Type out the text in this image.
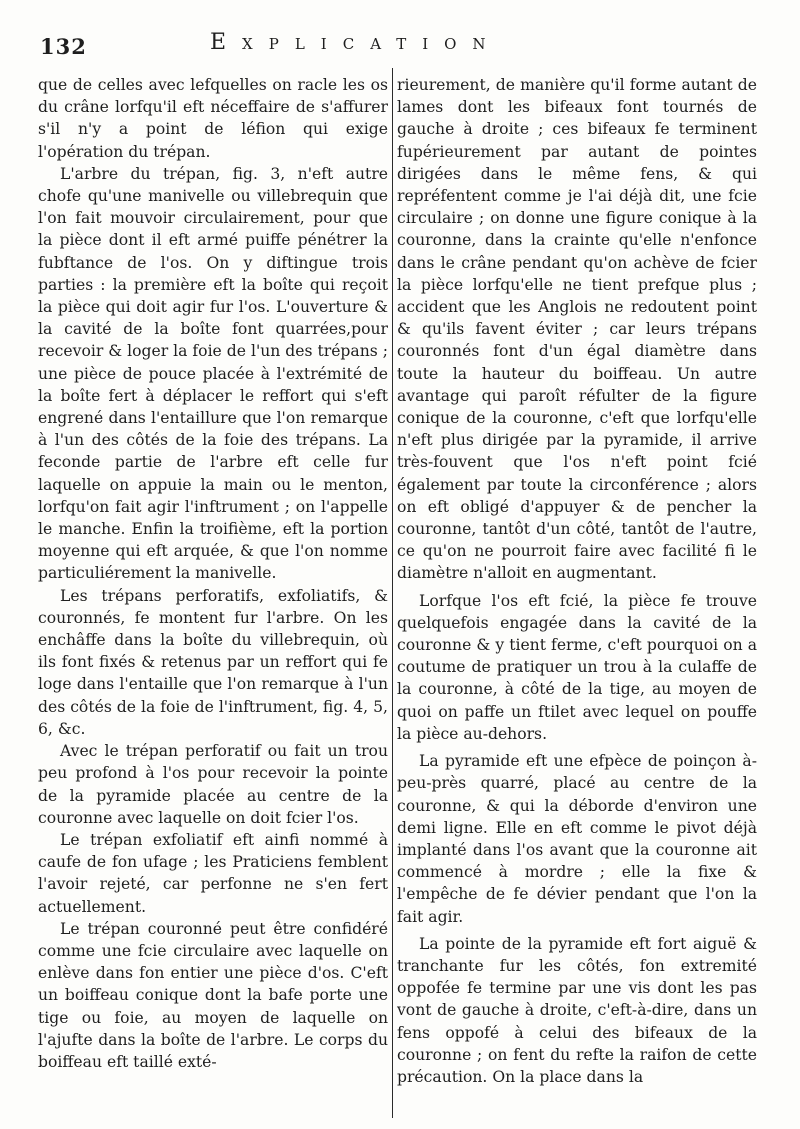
132	Explication

que de celles avec lefquelles on racle les os du crâne lorfqu'il eft néceffaire de s'affurer s'il n'y a point de léfion qui exige l'opération du trépan.

L'arbre du trépan, fig. 3, n'eft autre chofe qu'une manivelle ou villebrequin que l'on fait mouvoir circulairement, pour que la pièce dont il eft armé puiffe pénétrer la fubftance de l'os. On y diftingue trois parties : la première eft la boîte qui reçoit la pièce qui doit agir fur l'os. L'ouverture & la cavité de la boîte font quarrées,pour recevoir & loger la foie de l'un des trépans ; une pièce de pouce placée à l'extrémité de la boîte fert à déplacer le reffort qui s'eft engrené dans l'entaillure que l'on remarque à l'un des côtés de la foie des trépans. La feconde partie de l'arbre eft celle fur laquelle on appuie la main ou le menton, lorfqu'on fait agir l'inftrument ; on l'appelle le manche. Enfin la troifième, eft la portion moyenne qui eft arquée, & que l'on nomme particuliérement la manivelle.

Les trépans perforatifs, exfoliatifs, & couronnés, fe montent fur l'arbre. On les enchâffe dans la boîte du villebrequin, où ils font fixés & retenus par un reffort qui fe loge dans l'entaille que l'on remarque à l'un des côtés de la foie de l'inftrument, fig. 4, 5, 6, &c.

Avec le trépan perforatif ou fait un trou peu profond à l'os pour recevoir la pointe de la pyramide placée au centre de la couronne avec laquelle on doit fcier l'os.

Le trépan exfoliatif eft ainfi nommé à caufe de fon ufage ; les Praticiens femblent l'avoir rejeté, car perfonne ne s'en fert actuellement.

Le trépan couronné peut être confidéré comme une fcie circulaire avec laquelle on enlève dans fon entier une pièce d'os. C'eft un boiffeau conique dont la bafe porte une tige ou foie, au moyen de laquelle on l'ajufte dans la boîte de l'arbre. Le corps du boiffeau eft taillé exté-

rieurement, de manière qu'il forme autant de lames dont les bifeaux font tournés de gauche à droite ; ces bifeaux fe terminent fupérieurement par autant de pointes dirigées dans le même fens, & qui repréfentent comme je l'ai déjà dit, une fcie circulaire ; on donne une figure conique à la couronne, dans la crainte qu'elle n'enfonce dans le crâne pendant qu'on achève de fcier la pièce lorfqu'elle ne tient prefque plus ; accident que les Anglois ne redoutent point & qu'ils favent éviter ; car leurs trépans couronnés font d'un égal diamètre dans toute la hauteur du boiffeau. Un autre avantage qui paroît réfulter de la figure conique de la couronne, c'eft que lorfqu'elle n'eft plus dirigée par la pyramide, il arrive très-fouvent que l'os n'eft point fcié également par toute la circonférence ; alors on eft obligé d'appuyer & de pencher la couronne, tantôt d'un côté, tantôt de l'autre, ce qu'on ne pourroit faire avec facilité fi le diamètre n'alloit en augmentant.

Lorfque l'os eft fcié, la pièce fe trouve quelquefois engagée dans la cavité de la couronne & y tient ferme, c'eft pourquoi on a coutume de pratiquer un trou à la culaffe de la couronne, à côté de la tige, au moyen de quoi on paffe un ftilet avec lequel on pouffe la pièce au-dehors.

La pyramide eft une efpèce de poinçon à-peu-près quarré, placé au centre de la couronne, & qui la déborde d'environ une demi ligne. Elle en eft comme le pivot déjà implanté dans l'os avant que la couronne ait commencé à mordre ; elle la fixe & l'empêche de fe dévier pendant que l'on la fait agir.

La pointe de la pyramide eft fort aiguë & tranchante fur les côtés, fon extremité oppofée fe termine par une vis dont les pas vont de gauche à droite, c'eft-à-dire, dans un fens oppofé à celui des bifeaux de la couronne ; on fent du refte la raifon de cette précaution. On la place dans la
